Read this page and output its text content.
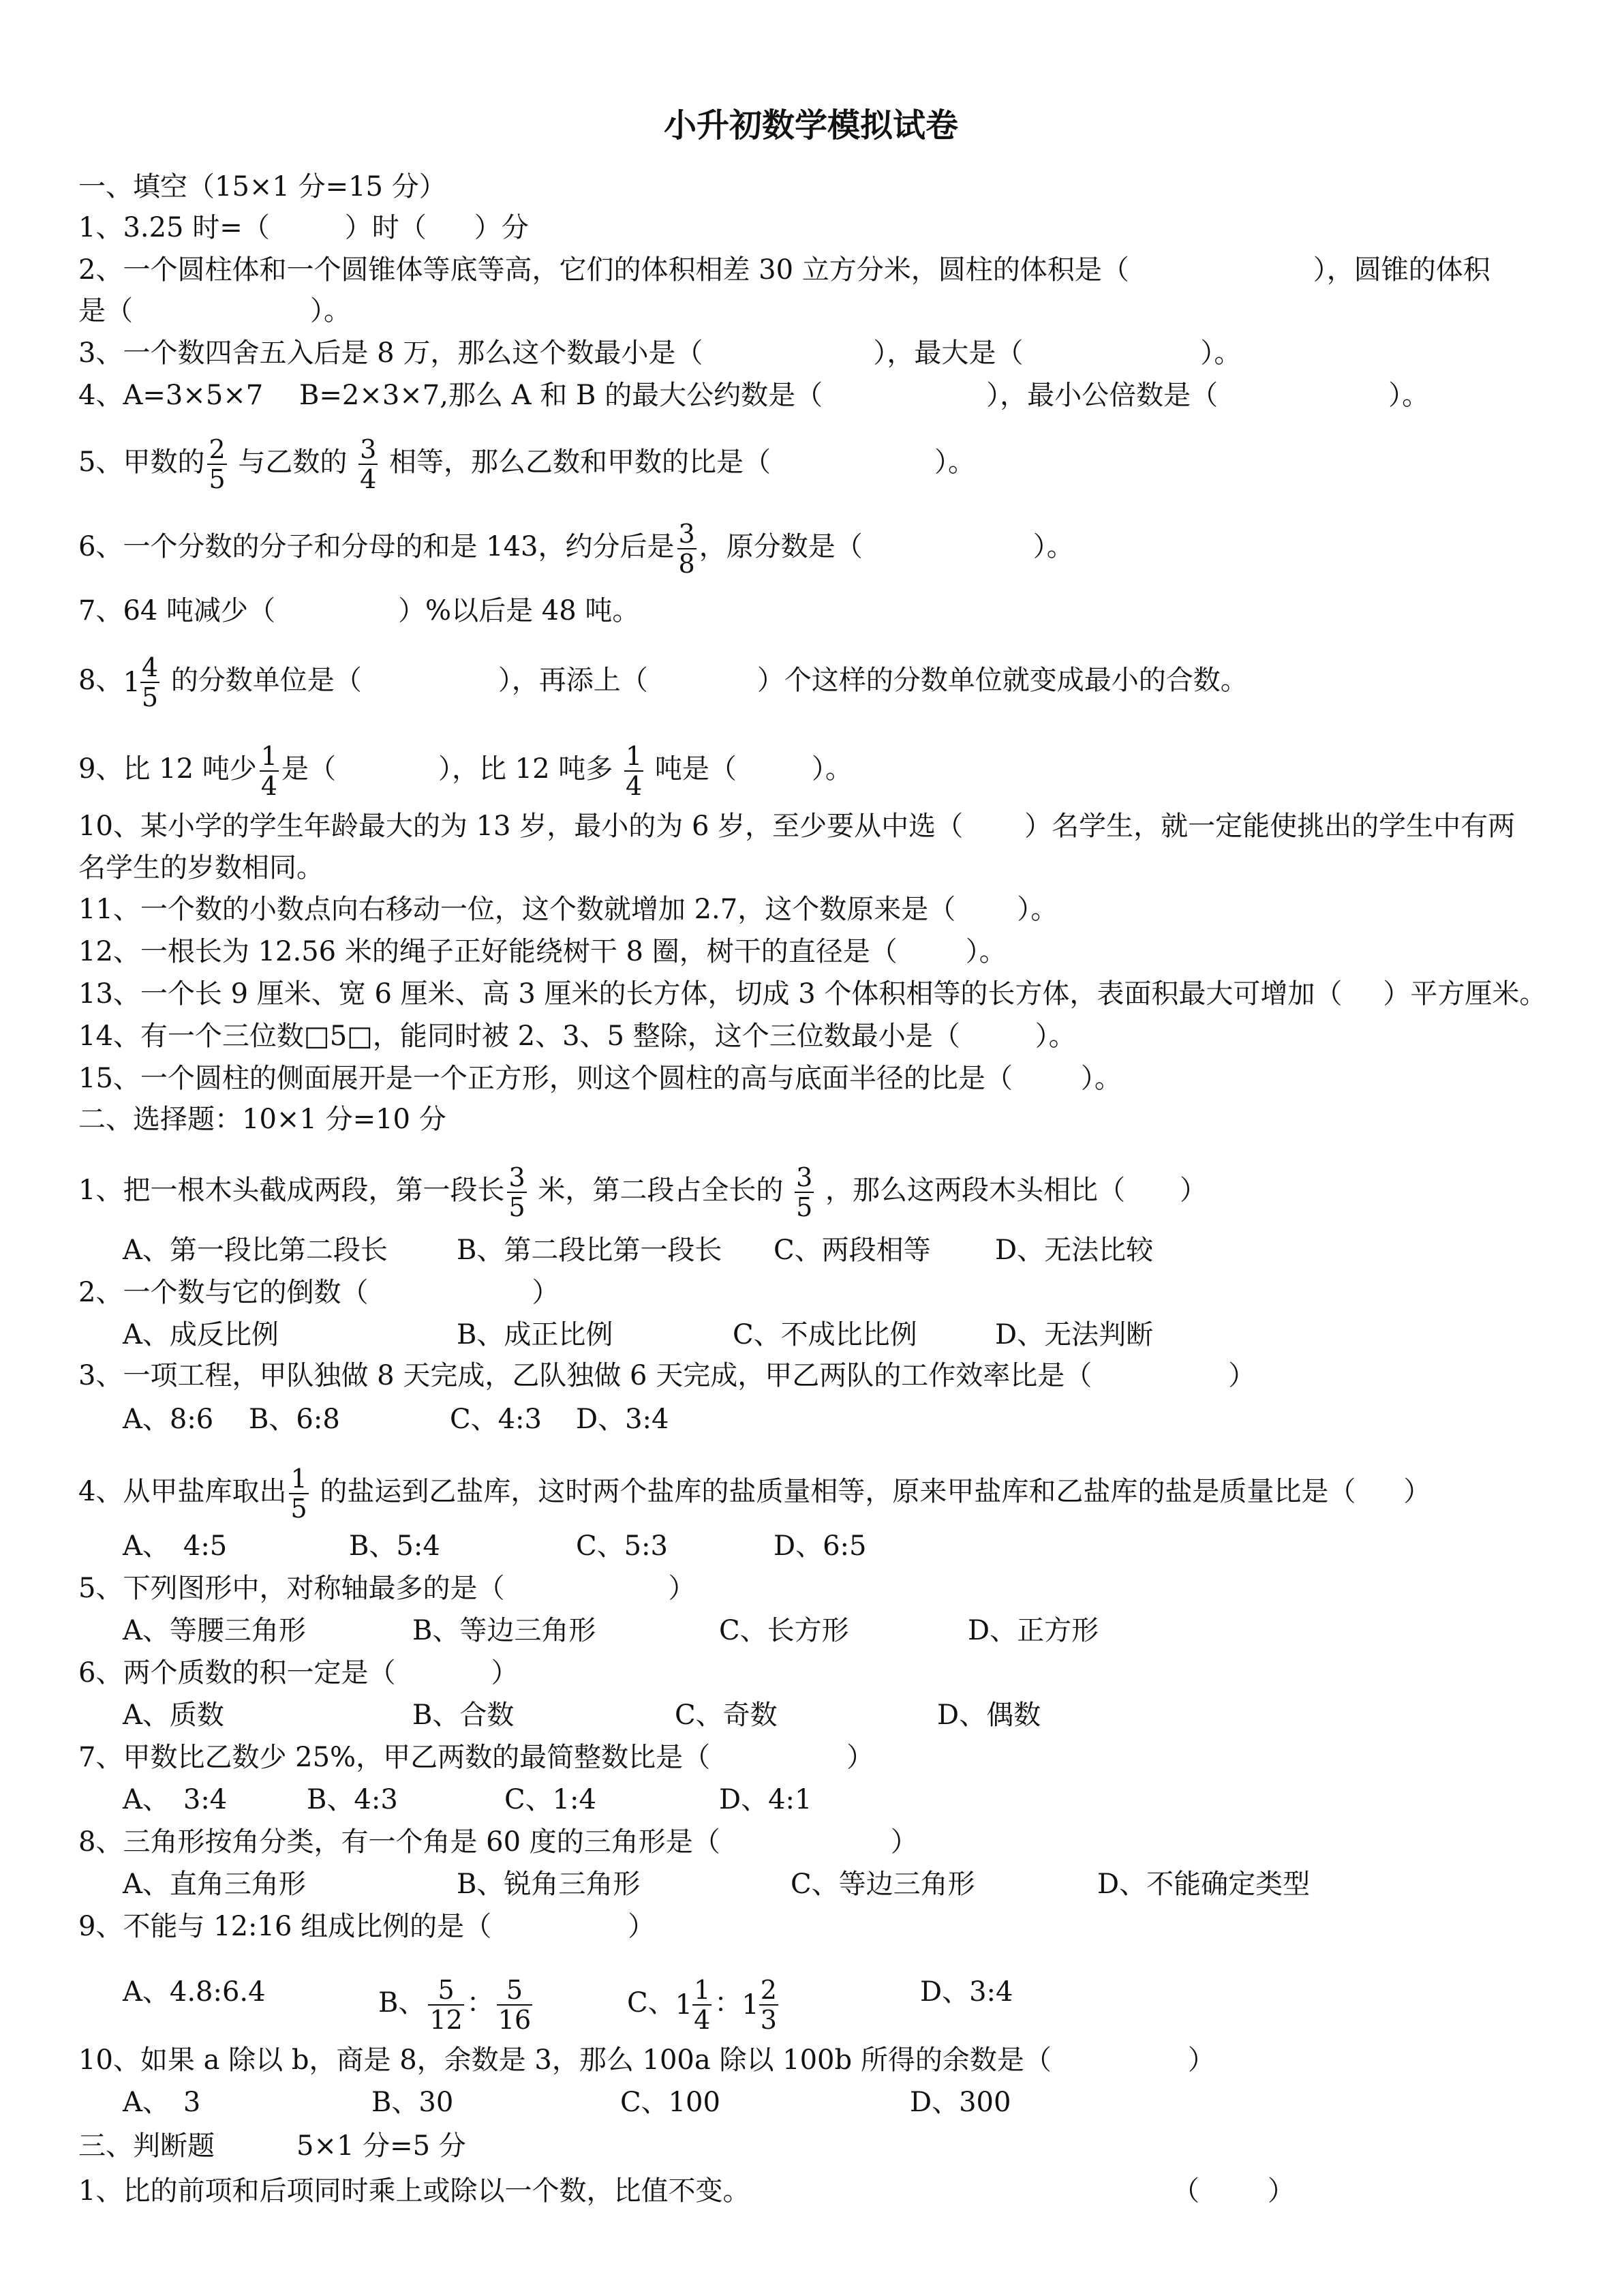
小升初数学模拟试卷
一、填空（15×1 分=15 分）
1、3.25 时=（	）时（ ）分
2、一个圆柱体和一个圆锥体等底等高，它们的体积相差 30 立方分米，圆柱的体积是（	），圆锥的体积
是（	）。
3、一个数四舍五入后是 8 万，那么这个数最小是（	），最大是（	）。
4、A=3×5×7　 B=2×3×7,那么 A 和 B 的最大公约数是（	），最小公倍数是（	）。
5、甲数的 $\frac{2}{5}$ 与乙数的 $\frac{3}{4}$ 相等，那么乙数和甲数的比是（	）。
6、一个分数的分子和分母的和是 143，约分后是 $\frac{3}{8}$ ，原分数是（	）。
7、64 吨减少（	）%以后是 48 吨。
8、$1 \frac{4}{5}$ 的分数单位是（	），再添上（	）个这样的分数单位就变成最小的合数。
9、比 12 吨少 $\frac{1}{4}$ 是（	），比 12 吨多 $\frac{1}{4}$ 吨是（	）。
10、某小学的学生年龄最大的为 13 岁，最小的为 6 岁，至少要从中选（ ）名学生，就一定能使挑出的学生中有两
名学生的岁数相同。
11、一个数的小数点向右移动一位，这个数就增加 2.7，这个数原来是（ ）。
12、一根长为 12.56 米的绳子正好能绕树干 8 圈，树干的直径是（	）。
13、一个长 9 厘米、宽 6 厘米、高 3 厘米的长方体，切成 3 个体积相等的长方体，表面积最大可增加（ ）平方厘米。
14、有一个三位数□5□，能同时被 2、3、5 整除，这个三位数最小是（	）。
15、一个圆柱的侧面展开是一个正方形，则这个圆柱的高与底面半径的比是（	）。
二、选择题：10×1 分=10 分
1、把一根木头截成两段，第一段长 $\frac{3}{5}$ 米，第二段占全长的 $\frac{3}{5}$ ，那么这两段木头相比（ ）
A、第一段比第二段长	B、第二段比第一段长 C、两段相等 D、无法比较
2、一个数与它的倒数（	）
A、成反比例	B、成正比例	C、不成比比例	D、无法判断
3、一项工程，甲队独做 8 天完成，乙队独做 6 天完成，甲乙两队的工作效率比是（	）
A、8:6 B、6:8	C、4:3 D、3:4
4、从甲盐库取出 $\frac{1}{5}$ 的盐运到乙盐库，这时两个盐库的盐质量相等，原来甲盐库和乙盐库的盐是质量比是（ ）
A、　4:5	B、5:4	C、5:3	D、6:5
5、下列图形中，对称轴最多的是（	）
A、等腰三角形	B、等边三角形	C、长方形	D、正方形
6、两个质数的积一定是（	）
A、质数	B、合数	C、奇数	D、偶数
7、甲数比乙数少 25%，甲乙两数的最简整数比是（	）
A、　3:4	B、4:3	C、1:4	D、4:1
8、三角形按角分类，有一个角是 60 度的三角形是（	）
A、直角三角形	B、锐角三角形	C、等边三角形	D、不能确定类型
9、不能与 12:16 组成比例的是（	）
A、4.8:6.4	B、 $\frac{5}{12}$ ： $\frac{5}{16}$	C、$1 \frac{1}{4}$ ：$1 \frac{2}{3}$	D、3:4
10、如果 a 除以 b，商是 8，余数是 3，那么 100a 除以 100b 所得的余数是（	）
A、　3	B、30	C、100	D、300
三、判断题　　　5×1 分=5 分
1、比的前项和后项同时乘上或除以一个数，比值不变。	（	）
